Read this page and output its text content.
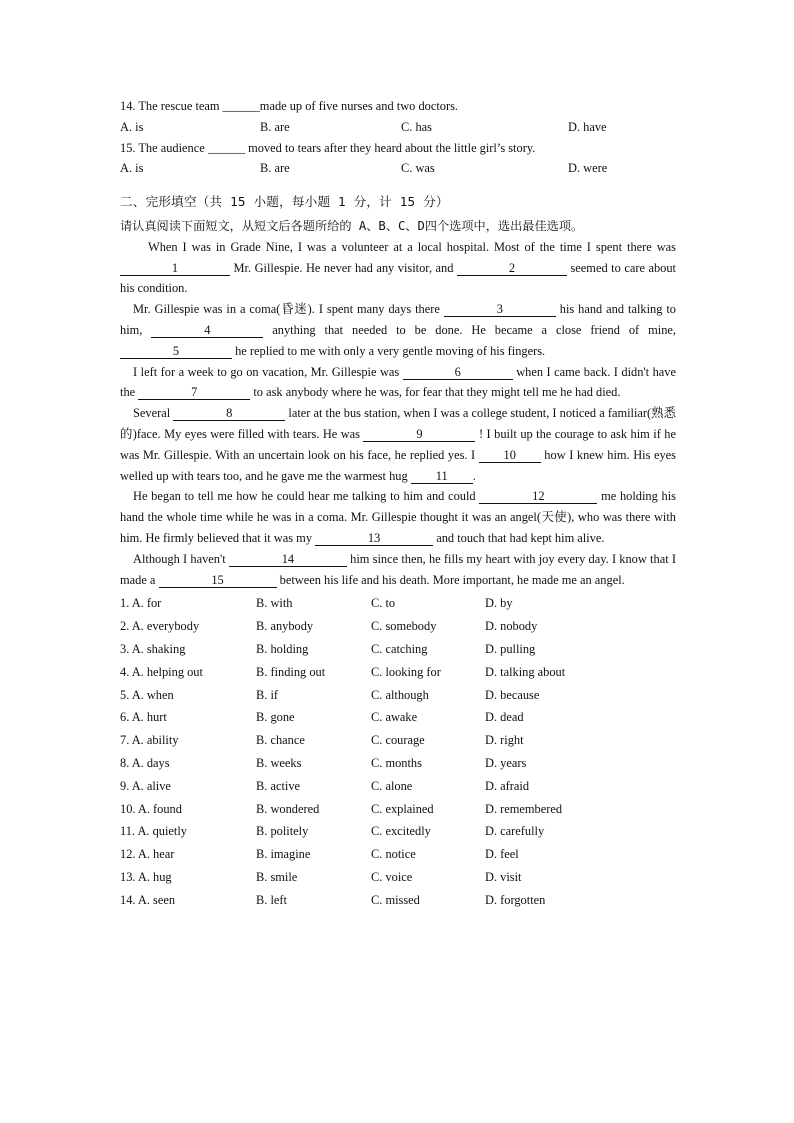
14. The rescue team ______made up of five nurses and two doctors.
A. is	B. are	C. has	D. have
15. The audience ______ moved to tears after they heard about the little girl’s story.
A. is	B. are	C. was	D. were
二、完形填空（共 15 小题，每小题 1 分，计 15 分）
请认真阅读下面短文，从短文后各题所给的 A、B、C、D四个选项中，选出最佳选项。

When I was in Grade Nine, I was a volunteer at a local hospital. Most of the time I spent there was 1	Mr. Gillespie. He never had any visitor, and	2	seemed to care about his condition.

Mr. Gillespie was in a coma(昏迷). I spent many days there	3	his hand and talking to him,	4	anything that needed to be done. He became a close friend of mine, 5	he replied to me with only a very gentle moving of his fingers.

I left for a week to go on vacation, Mr. Gillespie was	6	when I came back. I didn't have the	7	to ask anybody where he was, for fear that they might tell me he had died.

Several	8	later at the bus station, when I was a college student, I noticed a familiar(熟悉的)face. My eyes were filled with tears. He was	9	! I built up the courage to ask him if he was Mr. Gillespie. With an uncertain look on his face, he replied yes. I 10 how I knew him. His eyes welled up with tears too, and he gave me the warmest hug 11 .

He began to tell me how he could hear me talking to him and could	12	me holding his hand the whole time while he was in a coma. Mr. Gillespie thought it was an angel(天使), who was there with him. He firmly believed that it was my	13	and touch that had kept him alive.

Although I haven't	14	him since then, he fills my heart with joy every day. I know that I made a	15	between his life and his death. More important, he made me an angel.

1. A. for	B. with	C. to	D. by
2. A. everybody	B. anybody	C. somebody	D. nobody
3. A. shaking	B. holding	C. catching	D. pulling
4. A. helping out	B. finding out	C. looking for	D. talking about
5. A. when	B. if	C. although	D. because
6. A. hurt	B. gone	C. awake	D. dead
7. A. ability	B. chance	C. courage	D. right
8. A. days	B. weeks	C. months	D. years
9. A. alive	B. active	C. alone	D. afraid
10. A. found	B. wondered	C. explained	D. remembered
11. A. quietly	B. politely	C. excitedly	D. carefully
12. A. hear	B. imagine	C. notice	D. feel
13. A. hug	B. smile	C. voice	D. visit
14. A. seen	B. left	C. missed	D. forgotten
